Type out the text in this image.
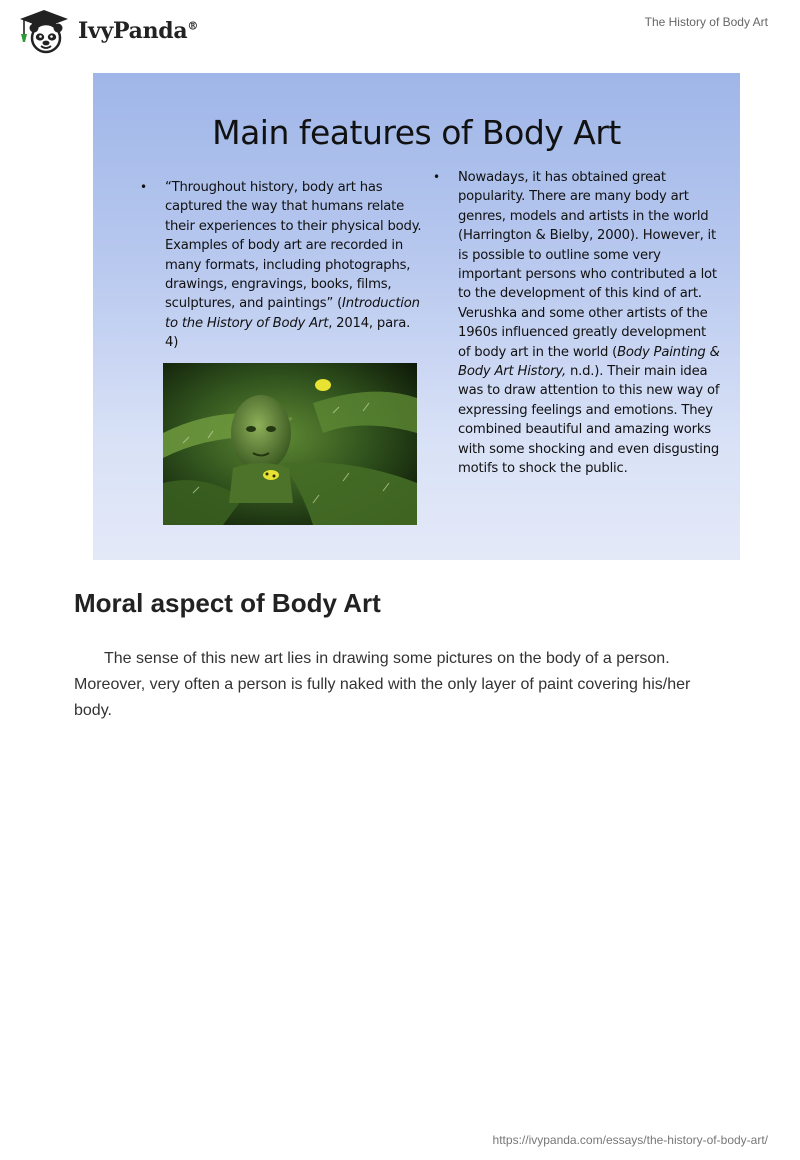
IvyPanda®	The History of Body Art
Main features of Body Art
• “Throughout history, body art has captured the way that humans relate their experiences to their physical body. Examples of body art are recorded in many formats, including photographs, drawings, engravings, books, films, sculptures, and paintings” (Introduction to the History of Body Art, 2014, para. 4)
• Nowadays, it has obtained great popularity. There are many body art genres, models and artists in the world (Harrington & Bielby, 2000). However, it is possible to outline some very important persons who contributed a lot to the development of this kind of art. Verushka and some other artists of the 1960s influenced greatly development of body art in the world (Body Painting & Body Art History, n.d.). Their main idea was to draw attention to this new way of expressing feelings and emotions. They combined beautiful and amazing works with some shocking and even disgusting motifs to shock the public.
Moral aspect of Body Art

The sense of this new art lies in drawing some pictures on the body of a person. Moreover, very often a person is fully naked with the only layer of paint covering his/her body.

https://ivypanda.com/essays/the-history-of-body-art/
